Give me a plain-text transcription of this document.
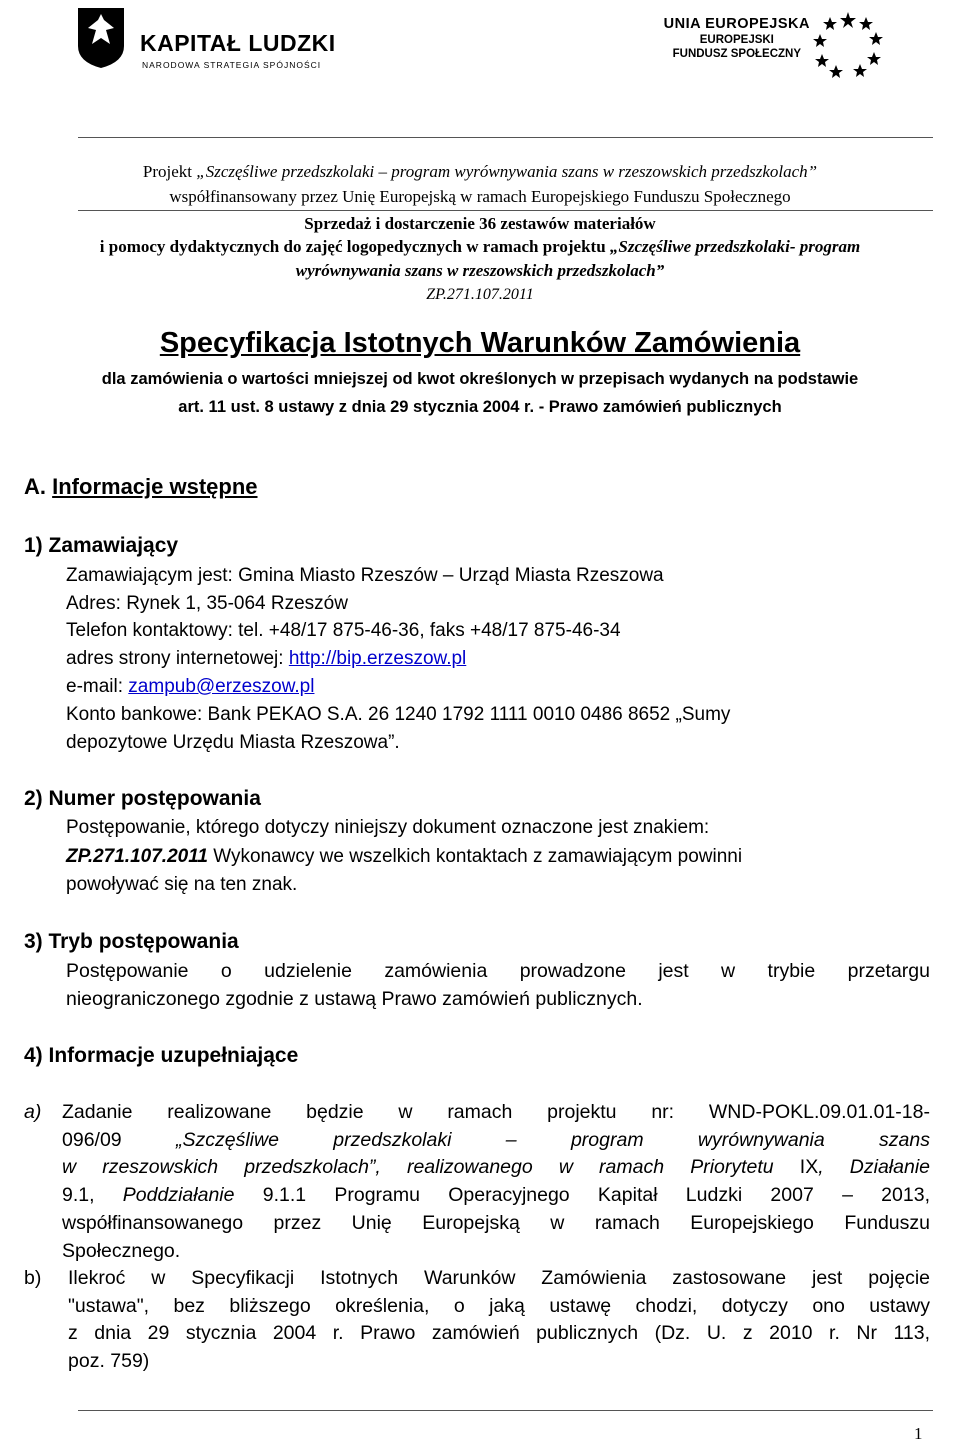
KAPITAŁ LUDZKI
NARODOWA STRATEGIA SPÓJNOŚCI
UNIA EUROPEJSKA
EUROPEJSKI
FUNDUSZ SPOŁECZNY
Projekt „Szczęśliwe przedszkolaki – program wyrównywania szans w rzeszowskich przedszkolach”
współfinansowany przez Unię Europejską w ramach Europejskiego Funduszu Społecznego
Sprzedaż i dostarczenie 36 zestawów materiałów
i pomocy dydaktycznych do zajęć logopedycznych w ramach projektu „Szczęśliwe przedszkolaki- program
wyrównywania szans w rzeszowskich przedszkolach”
ZP.271.107.2011
Specyfikacja Istotnych Warunków Zamówienia
dla zamówienia o wartości mniejszej od kwot określonych w przepisach wydanych na podstawie
art. 11 ust. 8 ustawy z dnia 29 stycznia 2004 r. - Prawo zamówień publicznych
A. Informacje wstępne
1) Zamawiający
Zamawiającym jest: Gmina Miasto Rzeszów – Urząd Miasta Rzeszowa
Adres: Rynek 1, 35-064 Rzeszów
Telefon kontaktowy: tel. +48/17 875-46-36, faks +48/17 875-46-34
adres strony internetowej: http://bip.erzeszow.pl
e-mail: zampub@erzeszow.pl
Konto bankowe: Bank PEKAO S.A. 26 1240 1792 1111 0010 0486 8652 „Sumy
depozytowe Urzędu Miasta Rzeszowa”.
2) Numer postępowania
Postępowanie, którego dotyczy niniejszy dokument oznaczone jest znakiem:
ZP.271.107.2011 Wykonawcy we wszelkich kontaktach z zamawiającym powinni
powoływać się na ten znak.
3) Tryb postępowania
Postępowanie o udzielenie zamówienia prowadzone jest w trybie przetargu
nieograniczonego zgodnie z ustawą Prawo zamówień publicznych.
4) Informacje uzupełniające
a) Zadanie realizowane będzie w ramach projektu nr: WND-POKL.09.01.01-18-
096/09 „Szczęśliwe przedszkolaki – program wyrównywania szans
w rzeszowskich przedszkolach”, realizowanego w ramach Priorytetu IX, Działanie
9.1, Poddziałanie 9.1.1 Programu Operacyjnego Kapitał Ludzki 2007 – 2013,
współfinansowanego przez Unię Europejską w ramach Europejskiego Funduszu
Społecznego.
b) Ilekroć w Specyfikacji Istotnych Warunków Zamówienia zastosowane jest pojęcie
"ustawa", bez bliższego określenia, o jaką ustawę chodzi, dotyczy ono ustawy
z dnia 29 stycznia 2004 r. Prawo zamówień publicznych (Dz. U. z 2010 r. Nr 113,
poz. 759)
1
